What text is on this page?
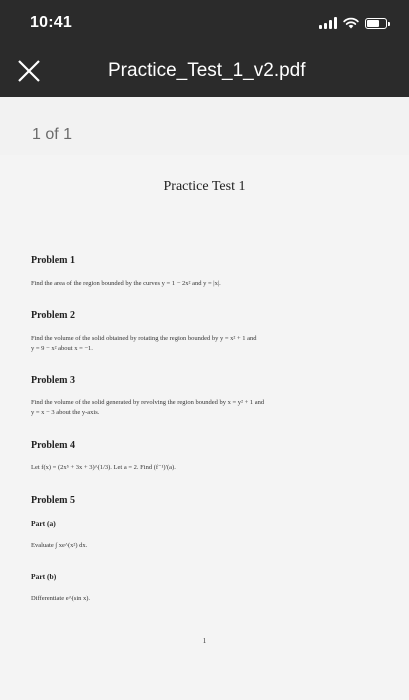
10:41
Practice_Test_1_v2.pdf
1 of 1
Practice Test 1
Problem 1
Find the area of the region bounded by the curves y = 1 − 2x² and y = |x|.
Problem 2
Find the volume of the solid obtained by rotating the region bounded by y = x² + 1 and
y = 9 − x² about x = −1.
Problem 3
Find the volume of the solid generated by revolving the region bounded by x = y² + 1 and
y = x − 3 about the y-axis.
Problem 4
Let f(x) = (2x⁵ + 3x + 3)^(1/3). Let a = 2. Find (f⁻¹)′(a).
Problem 5
Part (a)
Evaluate ∫ xe^(x²) dx.
Part (b)
Differentiate e^(sin x).
1
